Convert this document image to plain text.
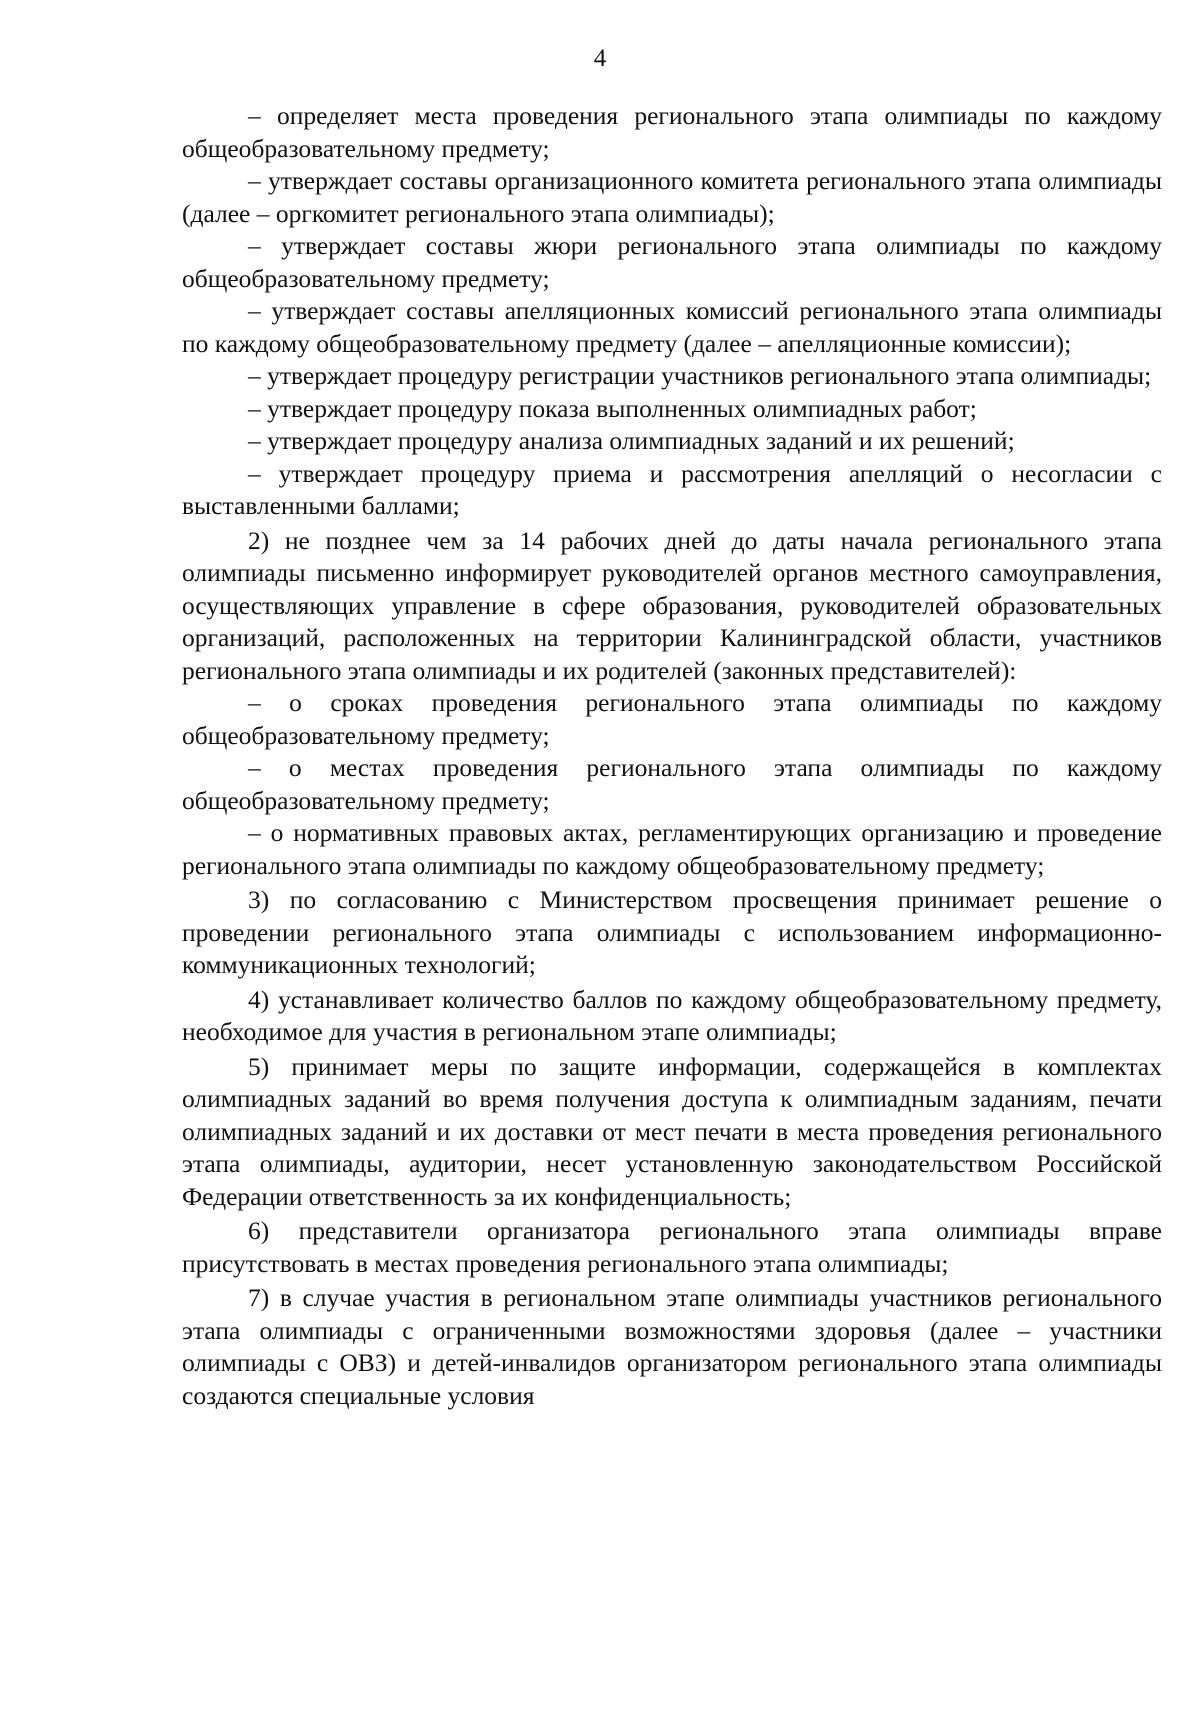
4

– определяет места проведения регионального этапа олимпиады по каждому общеобразовательному предмету;

– утверждает составы организационного комитета регионального этапа олимпиады (далее – оргкомитет регионального этапа олимпиады);

– утверждает составы жюри регионального этапа олимпиады по каждому общеобразовательному предмету;

– утверждает составы апелляционных комиссий регионального этапа олимпиады по каждому общеобразовательному предмету (далее – апелляционные комиссии);

– утверждает процедуру регистрации участников регионального этапа олимпиады;

– утверждает процедуру показа выполненных олимпиадных работ;

– утверждает процедуру анализа олимпиадных заданий и их решений;

– утверждает процедуру приема и рассмотрения апелляций о несогласии с выставленными баллами;

2) не позднее чем за 14 рабочих дней до даты начала регионального этапа олимпиады письменно информирует руководителей органов местного самоуправления, осуществляющих управление в сфере образования, руководителей образовательных организаций, расположенных на территории Калининградской области, участников регионального этапа олимпиады и их родителей (законных представителей):

– о сроках проведения регионального этапа олимпиады по каждому общеобразовательному предмету;

– о местах проведения регионального этапа олимпиады по каждому общеобразовательному предмету;

– о нормативных правовых актах, регламентирующих организацию и проведение регионального этапа олимпиады по каждому общеобразовательному предмету;

3) по согласованию с Министерством просвещения принимает решение о проведении регионального этапа олимпиады с использованием информационно-коммуникационных технологий;

4) устанавливает количество баллов по каждому общеобразовательному предмету, необходимое для участия в региональном этапе олимпиады;

5) принимает меры по защите информации, содержащейся в комплектах олимпиадных заданий во время получения доступа к олимпиадным заданиям, печати олимпиадных заданий и их доставки от мест печати в места проведения регионального этапа олимпиады, аудитории, несет установленную законодательством Российской Федерации ответственность за их конфиденциальность;

6) представители организатора регионального этапа олимпиады вправе присутствовать в местах проведения регионального этапа олимпиады;

7) в случае участия в региональном этапе олимпиады участников регионального этапа олимпиады с ограниченными возможностями здоровья (далее – участники олимпиады с ОВЗ) и детей-инвалидов организатором регионального этапа олимпиады создаются специальные условия
